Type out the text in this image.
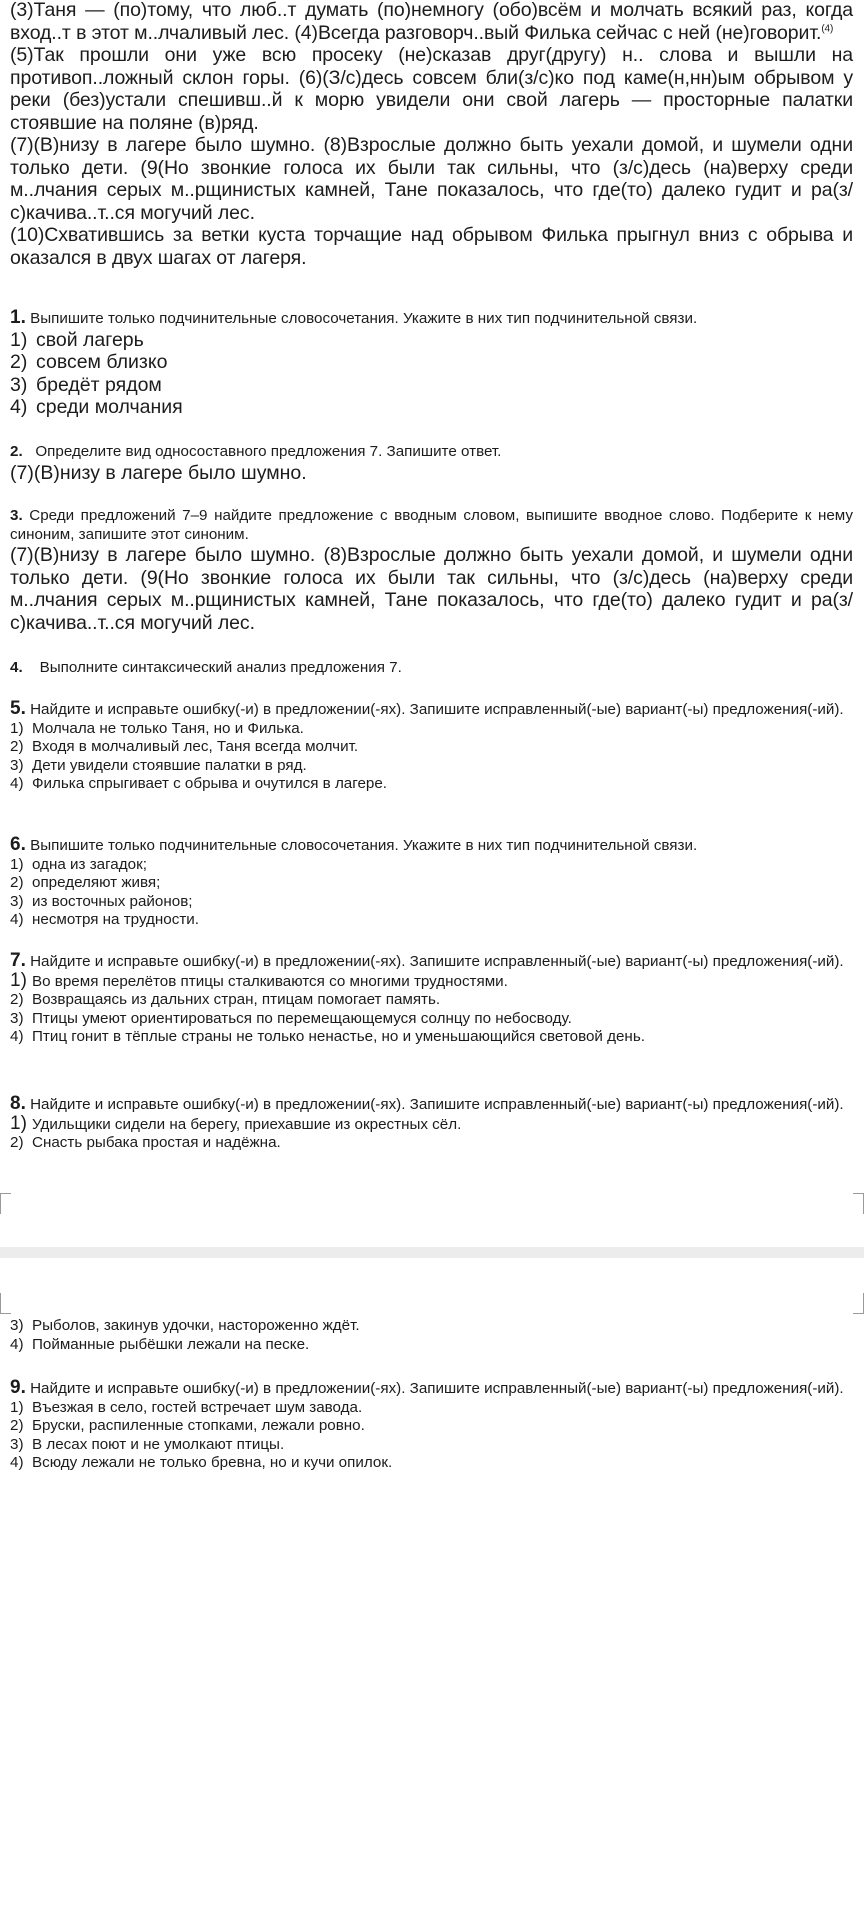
(3)Таня — (по)тому, что люб..т думать (по)немногу (обо)всём и молчать всякий раз, когда вход..т в этот м..лчаливый лес. (4)Всегда разговорч..вый Филька сейчас с ней (не)говорит.$^{(4)}$

(5)Так прошли они уже всю просеку (не)сказав друг(другу) н.. слова и вышли на противоп..ложный склон горы. (6)(З/с)десь совсем бли(з/с)ко под каме(н,нн)ым обрывом у реки (без)устали спешивш..й к морю увидели они свой лагерь — просторные палатки стоявшие на поляне (в)ряд.

(7)(В)низу в лагере было шумно. (8)Взрослые должно быть уехали домой, и шумели одни только дети. (9(Но звонкие голоса их были так сильны, что (з/с)десь (на)верху среди м..лчания серых м..рщинистых камней, Тане показалось, что где(то) далеко гудит и ра(з/с)качива..т..ся могучий лес.

(10)Схватившись за ветки куста торчащие над обрывом Филька прыгнул вниз с обрыва и оказался в двух шагах от лагеря.

1. Выпишите только подчинительные словосочетания. Укажите в них тип подчинительной связи.

1) свой лагерь

2) совсем близко

3) бредёт рядом

4) среди молчания

2. Определите вид односоставного предложения 7. Запишите ответ.

(7)(В)низу в лагере было шумно.

3. Среди предложений 7–9 найдите предложение с вводным словом, выпишите вводное слово. Подберите к нему синоним, запишите этот синоним.

(7)(В)низу в лагере было шумно. (8)Взрослые должно быть уехали домой, и шумели одни только дети. (9(Но звонкие голоса их были так сильны, что (з/с)десь (на)верху среди м..лчания серых м..рщинистых камней, Тане показалось, что где(то) далеко гудит и ра(з/с)качива..т..ся могучий лес.

4. Выполните синтаксический анализ предложения 7.

5. Найдите и исправьте ошибку(-и) в предложении(-ях). Запишите исправленный(-ые) вариант(-ы) предложения(-ий).

1) Молчала не только Таня, но и Филька.

2) Входя в молчаливый лес, Таня всегда молчит.

3) Дети увидели стоявшие палатки в ряд.

4) Филька спрыгивает с обрыва и очутился в лагере.

6. Выпишите только подчинительные словосочетания. Укажите в них тип подчинительной связи.

1) одна из загадок;

2) определяют живя;

3) из восточных районов;

4) несмотря на трудности.

7. Найдите и исправьте ошибку(-и) в предложении(-ях). Запишите исправленный(-ые) вариант(-ы) предложения(-ий).

1) Во время перелётов птицы сталкиваются со многими трудностями.

2) Возвращаясь из дальних стран, птицам помогает память.

3) Птицы умеют ориентироваться по перемещающемуся солнцу по небосводу.

4) Птиц гонит в тёплые страны не только ненастье, но и уменьшающийся световой день.

8. Найдите и исправьте ошибку(-и) в предложении(-ях). Запишите исправленный(-ые) вариант(-ы) предложения(-ий).

1) Удильщики сидели на берегу, приехавшие из окрестных сёл.

2) Снасть рыбака простая и надёжна.

3) Рыболов, закинув удочки, настороженно ждёт.

4) Пойманные рыбёшки лежали на песке.

9. Найдите и исправьте ошибку(-и) в предложении(-ях). Запишите исправленный(-ые) вариант(-ы) предложения(-ий).

1) Въезжая в село, гостей встречает шум завода.

2) Бруски, распиленные стопками, лежали ровно.

3) В лесах поют и не умолкают птицы.

4) Всюду лежали не только бревна, но и кучи опилок.
